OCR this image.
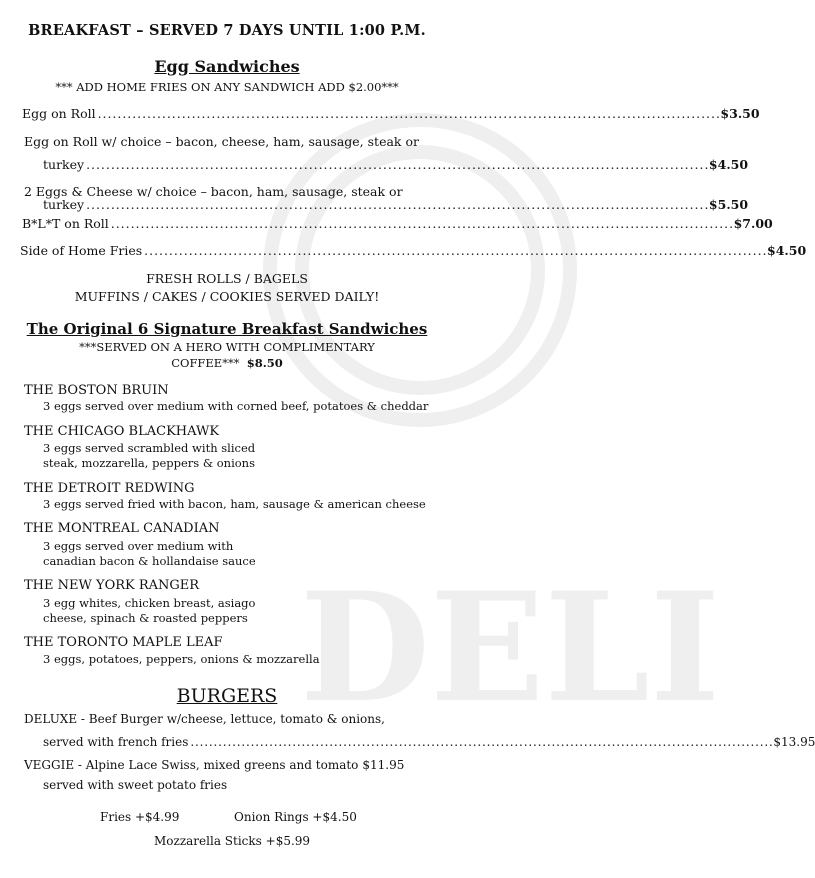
DELI
BREAKFAST – SERVED 7 DAYS UNTIL 1:00 P.M.
Egg Sandwiches
*** ADD HOME FRIES ON ANY SANDWICH ADD $2.00***
Egg on Roll . . .	$3.50
Egg on Roll w/ choice – bacon, cheese, ham, sausage, steak or
turkey . . .	$4.50
2 Eggs & Cheese w/ choice – bacon, ham, sausage, steak or
turkey . . .	$5.50
B*L*T on Roll . . .	$7.00
Side of Home Fries . . .	$4.50
FRESH ROLLS / BAGELS
MUFFINS / CAKES / COOKIES SERVED DAILY!
The Original 6 Signature Breakfast Sandwiches
***SERVED ON A HERO WITH COMPLIMENTARY
COFFEE*** $8.50
THE BOSTON BRUIN
3 eggs served over medium with corned beef, potatoes & cheddar
THE CHICAGO BLACKHAWK
3 eggs served scrambled with sliced
steak, mozzarella, peppers & onions
THE DETROIT REDWING
3 eggs served fried with bacon, ham, sausage & american cheese
THE MONTREAL CANADIAN
3 eggs served over medium with
canadian bacon & hollandaise sauce
THE NEW YORK RANGER
3 egg whites, chicken breast, asiago
cheese, spinach & roasted peppers
THE TORONTO MAPLE LEAF
3 eggs, potatoes, peppers, onions & mozzarella
BURGERS
DELUXE - Beef Burger w/cheese, lettuce, tomato & onions,
served with french fries . . .	$13.95
VEGGIE - Alpine Lace Swiss, mixed greens and tomato $11.95
served with sweet potato fries
Fries +$4.99	Onion Rings +$4.50
Mozzarella Sticks +$5.99
